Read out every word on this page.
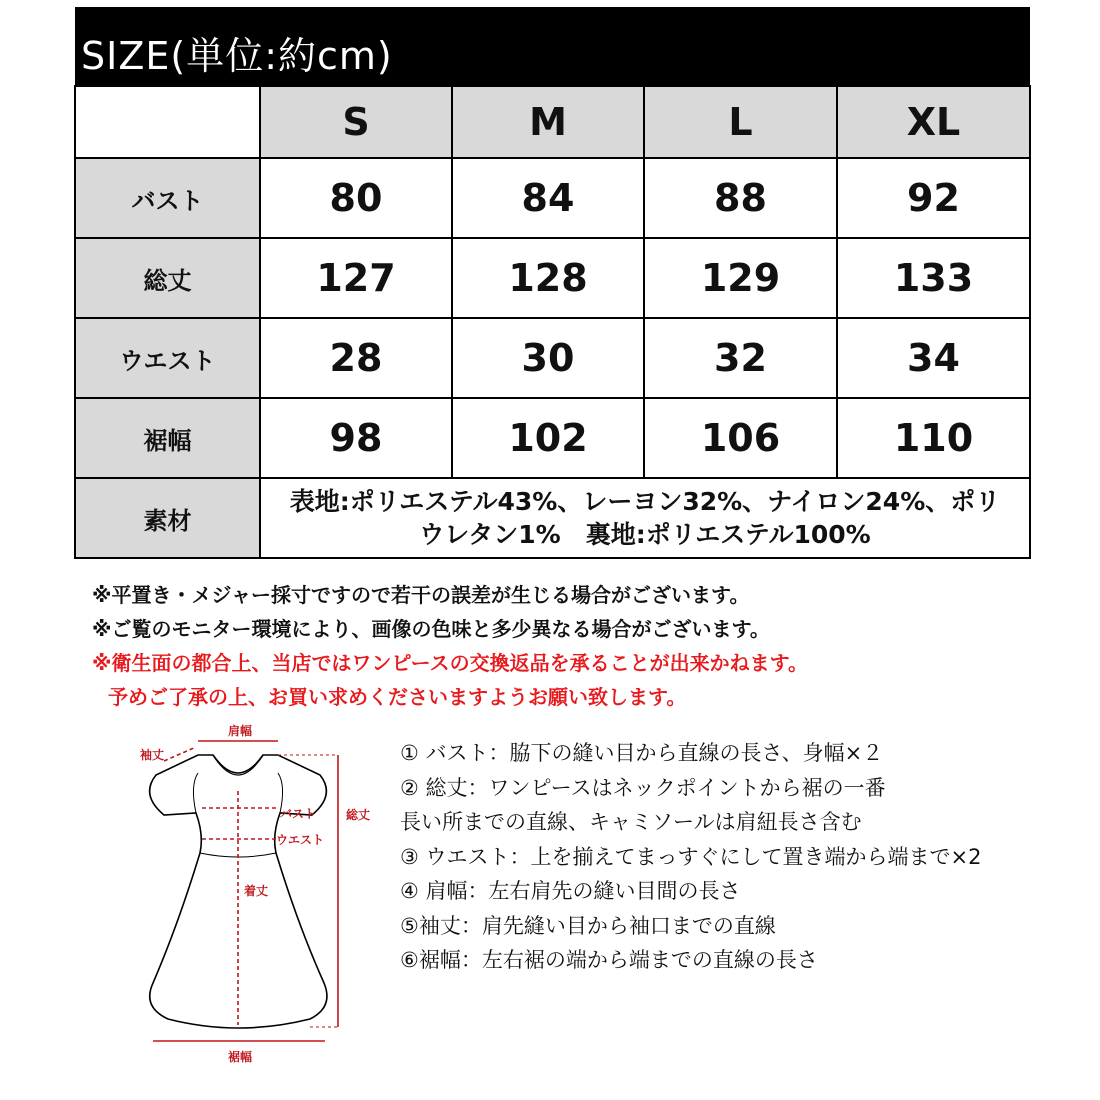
SIZE(単位:約cm)
	S	M	L	XL
バスト	80	84	88	92
総丈	127	128	129	133
ウエスト	28	30	32	34
裾幅	98	102	106	110
素材	表地:ポリエステル43%、レーヨン32%、ナイロン24%、ポリ
ウレタン1%　裏地:ポリエステル100%			
※平置き・メジャー採寸ですので若干の誤差が生じる場合がございます。
※ご覧のモニター環境により、画像の色味と多少異なる場合がございます。
※衛生面の都合上、当店ではワンピースの交換返品を承ることが出来かねます。
予めご了承の上、お買い求めくださいますようお願い致します。
肩幅
袖丈
バスト
ウエスト
総丈
着丈
裾幅
① バスト：脇下の縫い目から直線の長さ、身幅×２
② 総丈：ワンピースはネックポイントから裾の一番
長い所までの直線、キャミソールは肩紐長さ含む
③ ウエスト：上を揃えてまっすぐにして置き端から端まで×2
④ 肩幅：左右肩先の縫い目間の長さ
⑤袖丈：肩先縫い目から袖口までの直線
⑥裾幅：左右裾の端から端までの直線の長さ
